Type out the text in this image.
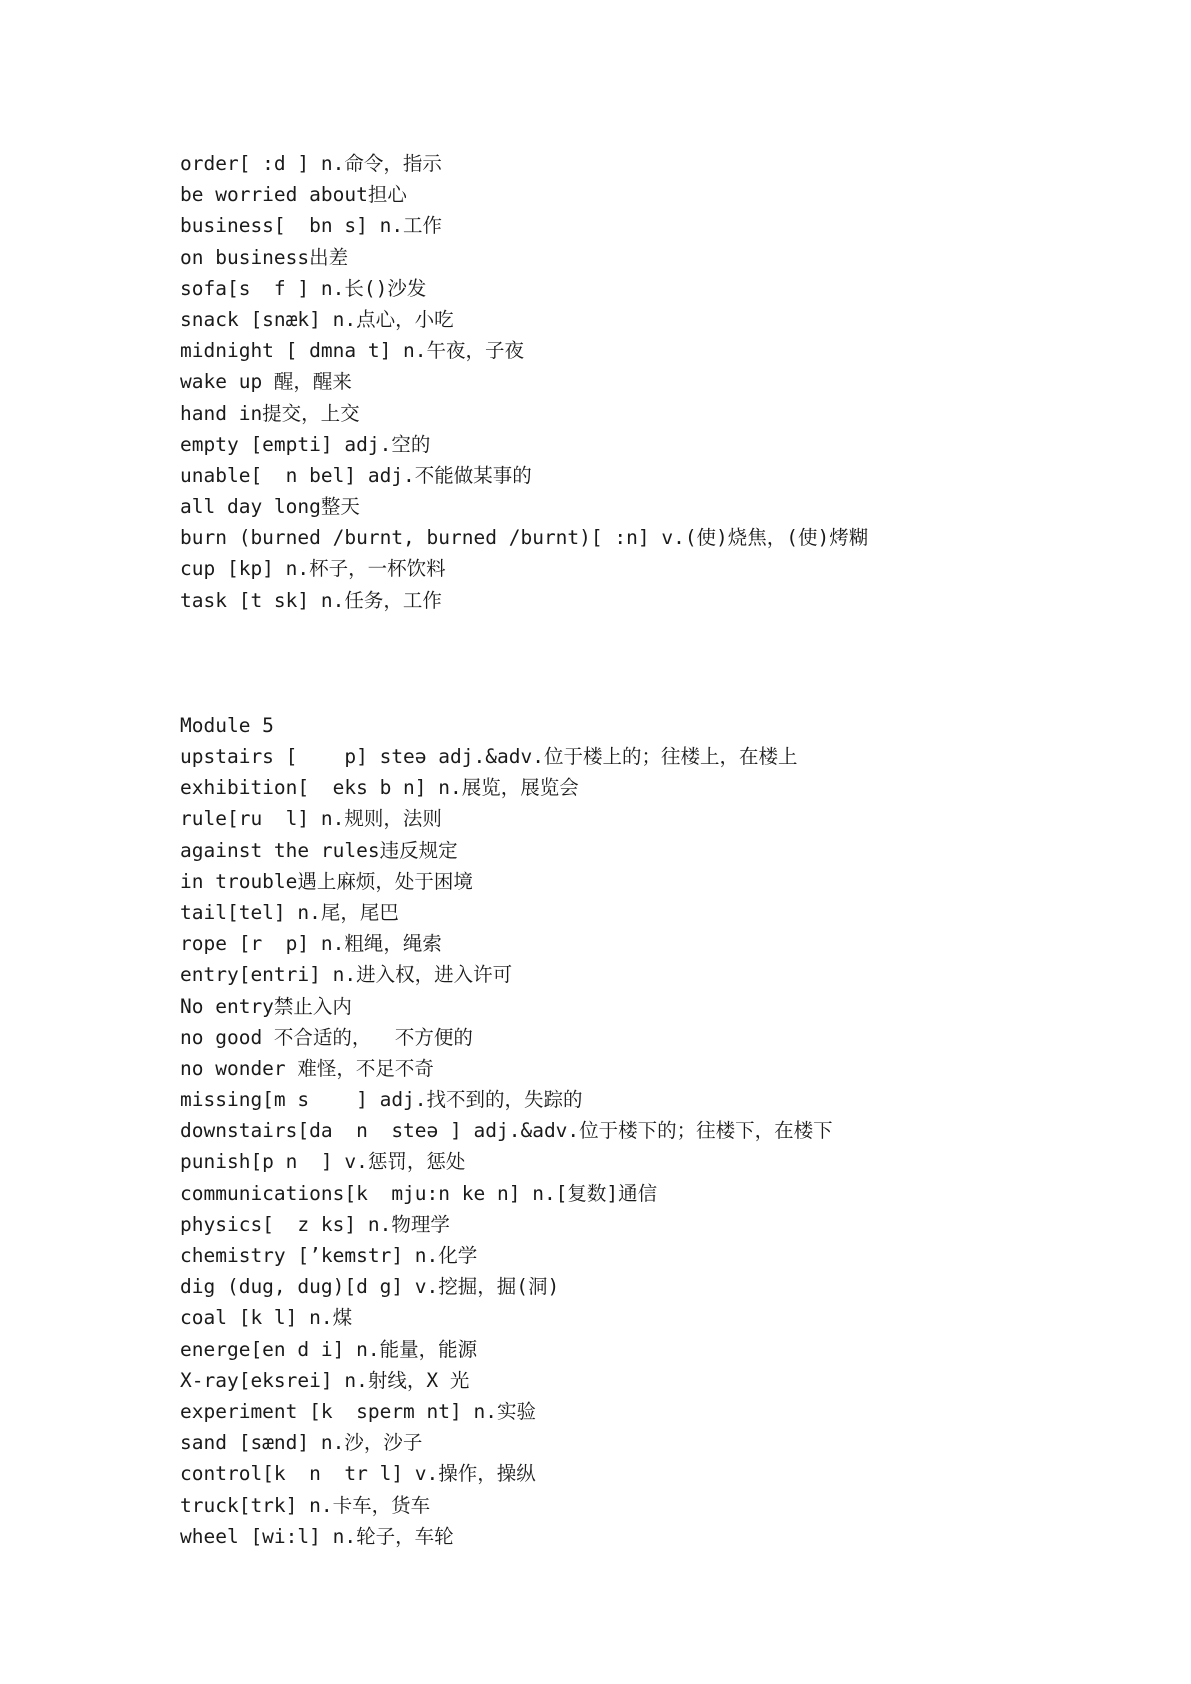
order[ :d ] n.命令，指示
be worried about担心
business[  bn s] n.工作
on business出差
sofa[s  f ] n.长()沙发
snack [snæk] n.点心，小吃
midnight [ dmna t] n.午夜，子夜
wake up 醒，醒来
hand in提交，上交
empty [empti] adj.空的
unable[  n bel] adj.不能做某事的
all day long整天
burn (burned /burnt, burned /burnt)[ :n] v.(使)烧焦，(使)烤糊
cup [kp] n.杯子，一杯饮料
task [t sk] n.任务，工作
Module 5
upstairs [    p] steə adj.&adv.位于楼上的；往楼上，在楼上
exhibition[  eks b n] n.展览，展览会
rule[ru  l] n.规则，法则
against the rules违反规定
in trouble遇上麻烦，处于困境
tail[tel] n.尾，尾巴
rope [r  p] n.粗绳，绳索
entry[entri] n.进入权，进入许可
No entry禁止入内
no good 不合适的，  不方便的
no wonder 难怪，不足不奇
missing[m s    ] adj.找不到的，失踪的
downstairs[da  n  steə ] adj.&adv.位于楼下的；往楼下，在楼下
punish[p n  ] v.惩罚，惩处
communications[k  mju:n ke n] n.[复数]通信
physics[  z ks] n.物理学
chemistry [’kemstr] n.化学
dig (dug, dug)[d g] v.挖掘，掘(洞)
coal [k l] n.煤
energe[en d i] n.能量，能源
X-ray[eksrei] n.射线，X 光
experiment [k  sperm nt] n.实验
sand [sænd] n.沙，沙子
control[k  n  tr l] v.操作，操纵
truck[trk] n.卡车，货车
wheel [wi:l] n.轮子，车轮
